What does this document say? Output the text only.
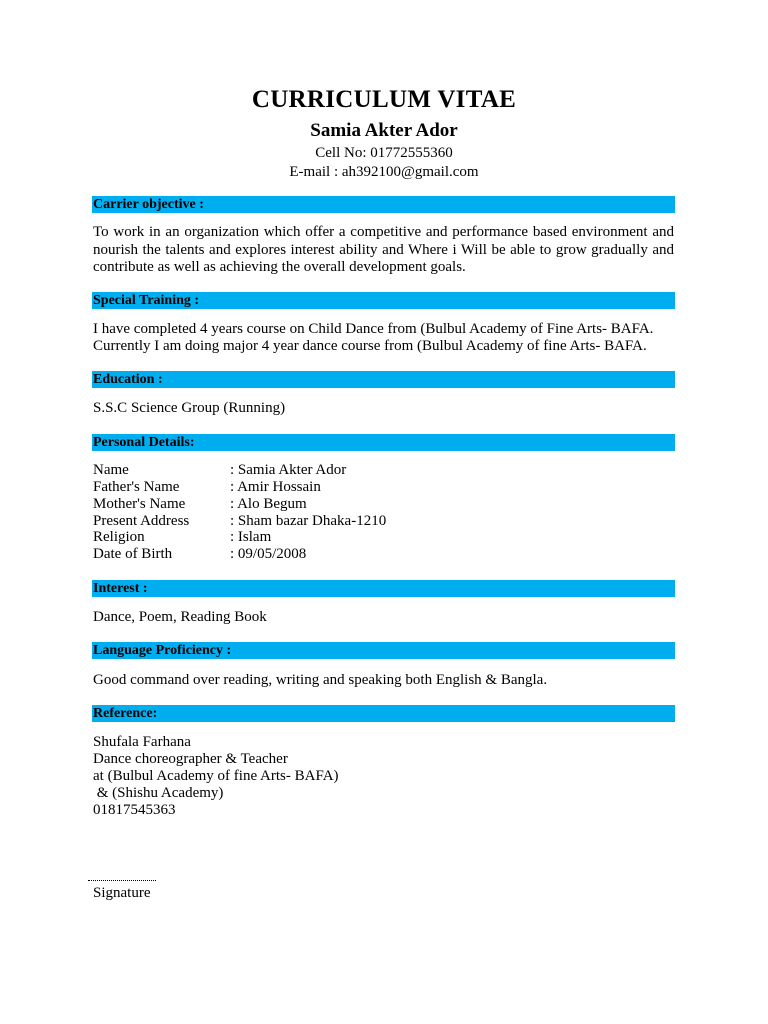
CURRICULUM VITAE
Samia Akter Ador
Cell No: 01772555360
E-mail : ah392100@gmail.com
Carrier objective :
To work in an organization which offer a competitive and performance based environment and nourish the talents and explores interest ability and Where i Will be able to grow gradually and contribute as well as achieving the overall development goals.
Special Training :
I have completed 4 years course on Child Dance from (Bulbul Academy of Fine Arts- BAFA.
Currently I am doing major 4 year dance course from (Bulbul Academy of fine Arts- BAFA.
Education :
S.S.C Science Group (Running)
Personal Details:
Name	: Samia Akter Ador
Father's Name	: Amir Hossain
Mother's Name	: Alo Begum
Present Address	: Sham bazar Dhaka-1210
Religion	: Islam
Date of Birth	: 09/05/2008
Interest :
Dance, Poem, Reading Book
Language Proficiency :
Good command over reading, writing and speaking both English & Bangla.
Reference:
Shufala Farhana
Dance choreographer & Teacher
at (Bulbul Academy of fine Arts- BAFA)
& (Shishu Academy)
01817545363
Signature
